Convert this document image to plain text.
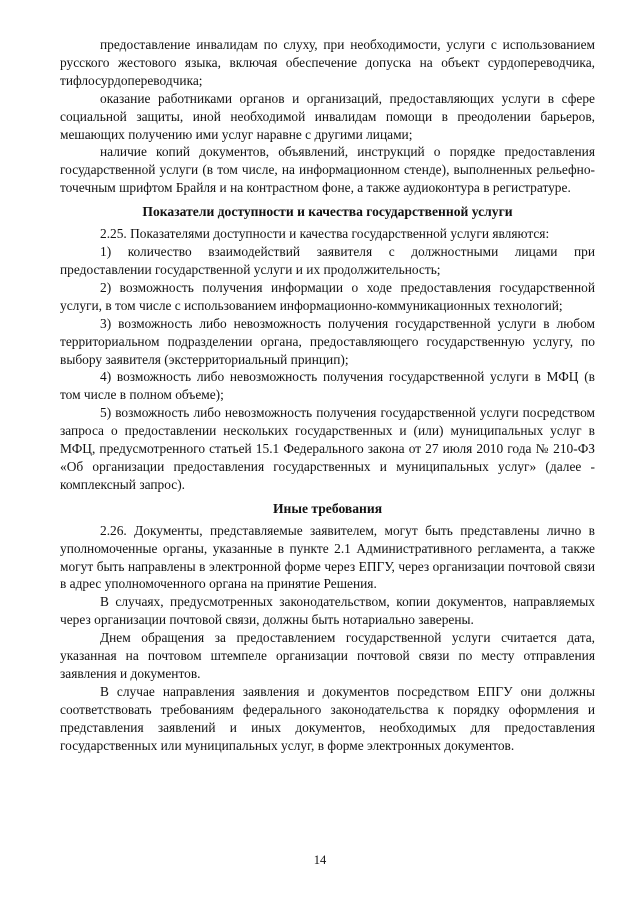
предоставление инвалидам по слуху, при необходимости, услуги с использованием русского жестового языка, включая обеспечение допуска на объект сурдопереводчика, тифлосурдопереводчика;

оказание работниками органов и организаций, предоставляющих услуги в сфере социальной защиты, иной необходимой инвалидам помощи в преодолении барьеров, мешающих получению ими услуг наравне с другими лицами;

наличие копий документов, объявлений, инструкций о порядке предоставления государственной услуги (в том числе, на информационном стенде), выполненных рельефно-точечным шрифтом Брайля и на контрастном фоне, а также аудиоконтура в регистратуре.

Показатели доступности и качества государственной услуги

2.25. Показателями доступности и качества государственной услуги являются:

1) количество взаимодействий заявителя с должностными лицами при предоставлении государственной услуги и их продолжительность;

2) возможность получения информации о ходе предоставления государственной услуги, в том числе с использованием информационно-коммуникационных технологий;

3) возможность либо невозможность получения государственной услуги в любом территориальном подразделении органа, предоставляющего государственную услугу, по выбору заявителя (экстерриториальный принцип);

4) возможность либо невозможность получения государственной услуги в МФЦ (в том числе в полном объеме);

5) возможность либо невозможность получения государственной услуги посредством запроса о предоставлении нескольких государственных и (или) муниципальных услуг в МФЦ, предусмотренного статьей 15.1 Федерального закона от 27 июля 2010 года № 210-ФЗ «Об организации предоставления государственных и муниципальных услуг» (далее - комплексный запрос).

Иные требования

2.26. Документы, представляемые заявителем, могут быть представлены лично в уполномоченные органы, указанные в пункте 2.1 Административного регламента, а также могут быть направлены в электронной форме через ЕПГУ, через организации почтовой связи в адрес уполномоченного органа на принятие Решения.

В случаях, предусмотренных законодательством, копии документов, направляемых через организации почтовой связи, должны быть нотариально заверены.

Днем обращения за предоставлением государственной услуги считается дата, указанная на почтовом штемпеле организации почтовой связи по месту отправления заявления и документов.

В случае направления заявления и документов посредством ЕПГУ они должны соответствовать требованиям федерального законодательства к порядку оформления и представления заявлений и иных документов, необходимых для предоставления государственных или муниципальных услуг, в форме электронных документов.

14
